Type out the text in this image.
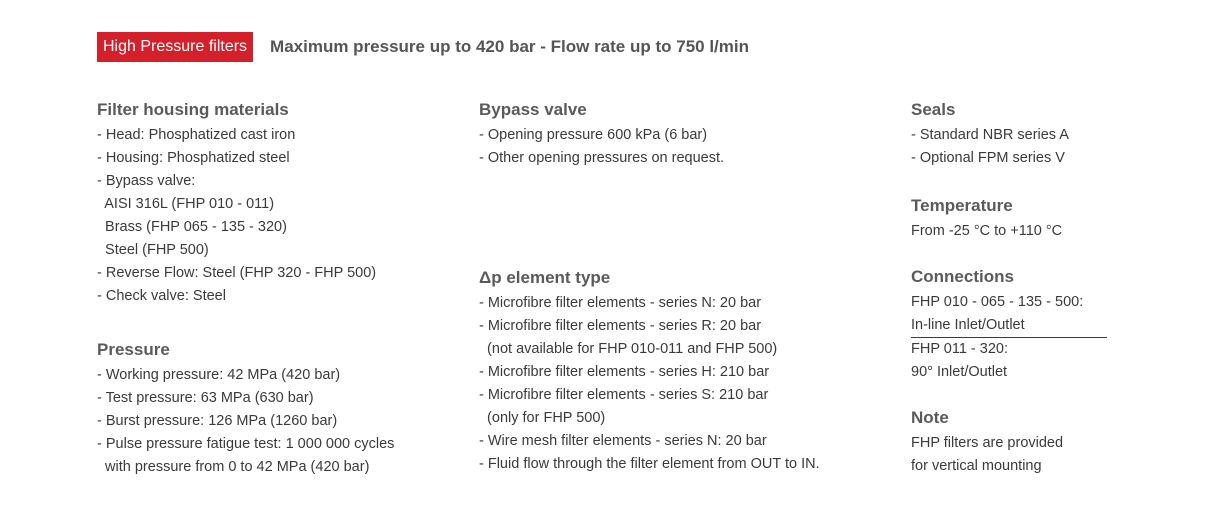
High Pressure filters	Maximum pressure up to 420 bar - Flow rate up to 750 l/min
Filter housing materials
- Head: Phosphatized cast iron
- Housing: Phosphatized steel
- Bypass valve:
AISI 316L (FHP 010 - 011)
Brass (FHP 065 - 135 - 320)
Steel (FHP 500)
- Reverse Flow: Steel (FHP 320 - FHP 500)
- Check valve: Steel
Pressure
- Working pressure: 42 MPa (420 bar)
- Test pressure: 63 MPa (630 bar)
- Burst pressure: 126 MPa (1260 bar)
- Pulse pressure fatigue test: 1 000 000 cycles
with pressure from 0 to 42 MPa (420 bar)
Bypass valve
- Opening pressure 600 kPa (6 bar)
- Other opening pressures on request.
Δp element type
- Microfibre filter elements - series N: 20 bar
- Microfibre filter elements - series R: 20 bar
(not available for FHP 010-011 and FHP 500)
- Microfibre filter elements - series H: 210 bar
- Microfibre filter elements - series S: 210 bar
(only for FHP 500)
- Wire mesh filter elements - series N: 20 bar
- Fluid flow through the filter element from OUT to IN.
Seals
- Standard NBR series A
- Optional FPM series V
Temperature
From -25 °C to +110 °C
Connections
FHP 010 - 065 - 135 - 500:
In-line Inlet/Outlet
FHP 011 - 320:
90° Inlet/Outlet
Note
FHP filters are provided
for vertical mounting
